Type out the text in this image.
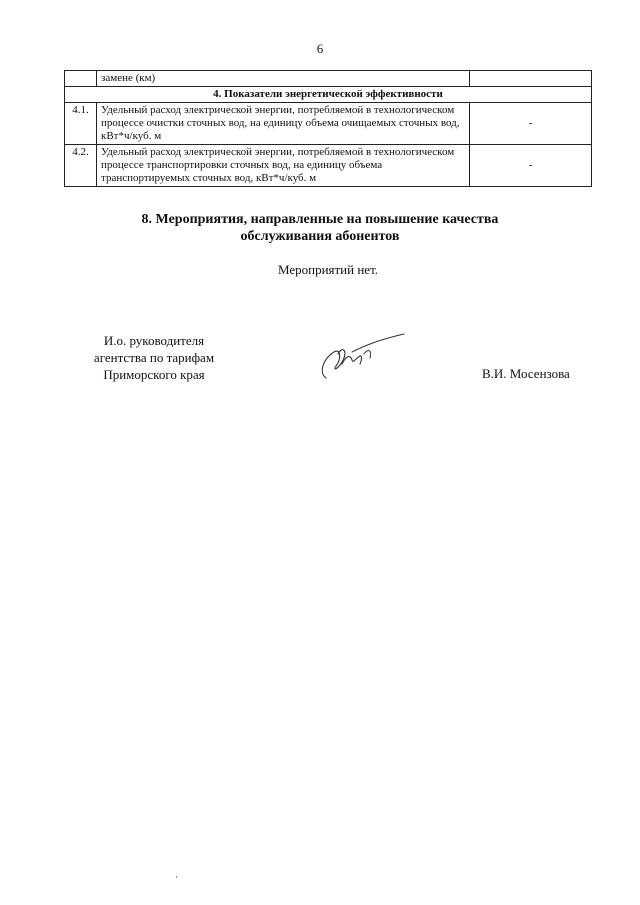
6
	замене (км)	
4. Показатели энергетической эффективности		
4.1.	Удельный расход электрической энергии, потребляемой в технологическом процессе очистки сточных вод, на единицу объема очищаемых сточных вод, кВт*ч/куб. м	-
4.2.	Удельный расход электрической энергии, потребляемой в технологическом процессе транспортировки сточных вод, на единицу объема транспортируемых сточных вод, кВт*ч/куб. м	-
8. Мероприятия, направленные на повышение качества
обслуживания абонентов
Мероприятий нет.
И.о. руководителя
агентства по тарифам
Приморского края	В.И. Мосензова
